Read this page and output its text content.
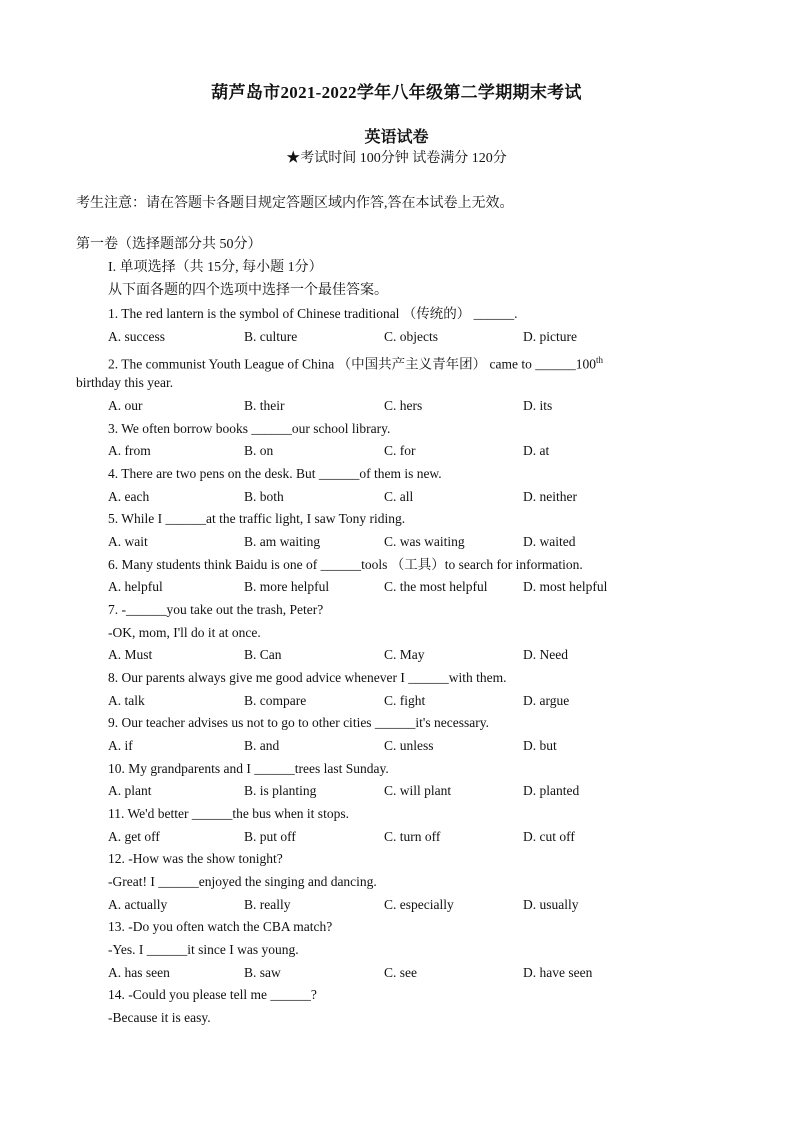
葫芦岛市2021-2022学年八年级第二学期期末考试
英语试卷
★考试时间 100分钟 试卷满分 120分
考生注意：请在答题卡各题目规定答题区域内作答,答在本试卷上无效。
第一卷（选择题部分共 50分）
I. 单项选择（共 15分, 每小题 1分）
从下面各题的四个选项中选择一个最佳答案。
1. The red lantern is the symbol of Chinese traditional （传统的） ______.
A. success	B. culture	C. objects	D. picture
2. The communist Youth League of China （中国共产主义青年团） came to ______100th
birthday this year.
A. our	B. their	C. hers	D. its
3. We often borrow books ______our school library.
A. from	B. on	C. for	D. at
4. There are two pens on the desk. But ______of them is new.
A. each	B. both	C. all	D. neither
5. While I ______at the traffic light, I saw Tony riding.
A. wait	B. am waiting	C. was waiting	D. waited
6. Many students think Baidu is one of ______tools （工具）to search for information.
A. helpful	B. more helpful	C. the most helpful	D. most helpful
7. -______you take out the trash, Peter?
-OK, mom, I'll do it at once.
A. Must	B. Can	C. May	D. Need
8. Our parents always give me good advice whenever I ______with them.
A. talk	B. compare	C. fight	D. argue
9. Our teacher advises us not to go to other cities ______it's necessary.
A. if	B. and	C. unless	D. but
10. My grandparents and I ______trees last Sunday.
A. plant	B. is planting	C. will plant	D. planted
11. We'd better ______the bus when it stops.
A. get off	B. put off	C. turn off	D. cut off
12. -How was the show tonight?
-Great! I ______enjoyed the singing and dancing.
A. actually	B. really	C. especially	D. usually
13. -Do you often watch the CBA match?
-Yes. I ______it since I was young.
A. has seen	B. saw	C. see	D. have seen
14. -Could you please tell me ______?
-Because it is easy.
